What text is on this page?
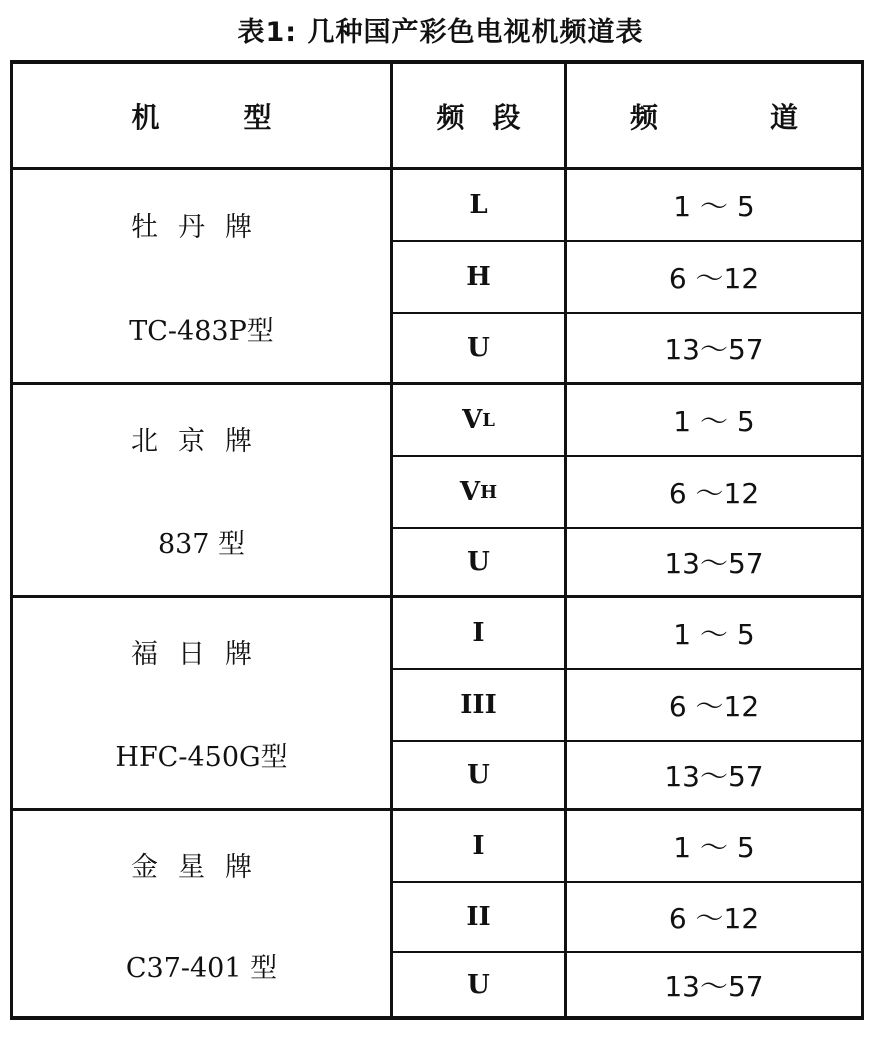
表1: 几种国产彩色电视机频道表
机　　　型	频　段	频　　　　道
牡丹牌
TC-483P型
L	1 ～ 5
H	6 ～12
U	13～57
北京牌
837 型
V L	1 ～ 5
V H	6 ～12
U	13～57
福日牌
HFC-450G型
I	1 ～ 5
III	6 ～12
U	13～57
金星牌
C37-401 型
I	1 ～ 5
II	6 ～12
U	13～57
